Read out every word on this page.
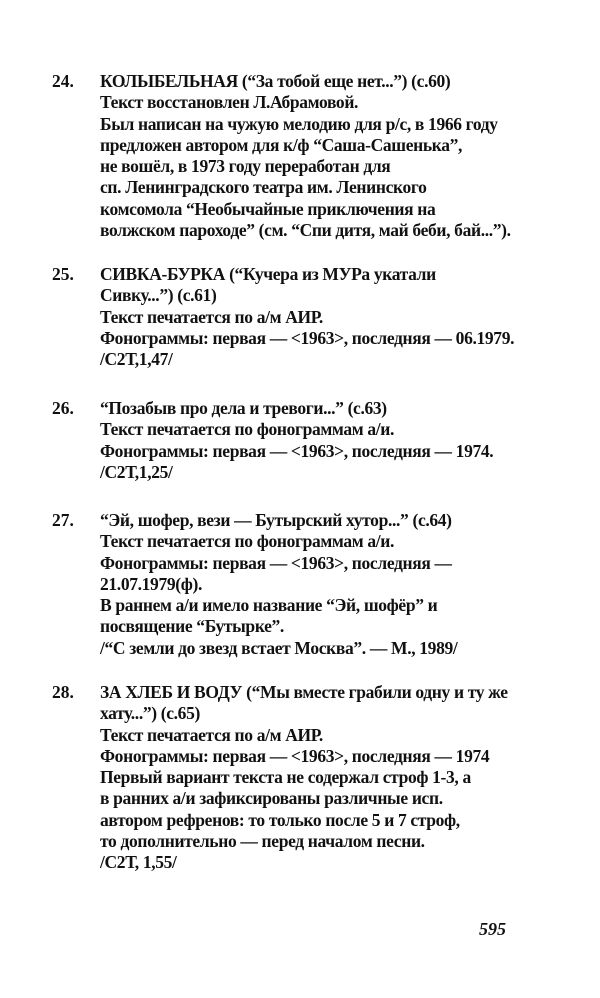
24. КОЛЫБЕЛЬНАЯ (“За тобой еще нет...”) (с.60)
Текст восстановлен Л.Абрамовой.
Был написан на чужую мелодию для р/с, в 1966 году
предложен автором для к/ф “Саша-Сашенька”,
не вошёл, в 1973 году переработан для
сп. Ленинградского театра им. Ленинского
комсомола “Необычайные приключения на
волжском пароходе” (см. “Спи дитя, май беби, бай...”).
25. СИВКА-БУРКА (“Кучера из МУРа укатали
Сивку...”) (с.61)
Текст печатается по а/м АИР.
Фонограммы: первая — <1963>, последняя — 06.1979.
/С2Т,1,47/
26. “Позабыв про дела и тревоги...” (с.63)
Текст печатается по фонограммам а/и.
Фонограммы: первая — <1963>, последняя — 1974.
/С2Т,1,25/
27. “Эй, шофер, вези — Бутырский хутор...” (с.64)
Текст печатается по фонограммам а/и.
Фонограммы: первая — <1963>, последняя —
21.07.1979(ф).
В раннем а/и имело название “Эй, шофёр” и
посвящение “Бутырке”.
/“С земли до звезд встает Москва”. — М., 1989/
28. ЗА ХЛЕБ И ВОДУ (“Мы вместе грабили одну и ту же
хату...”) (с.65)
Текст печатается по а/м АИР.
Фонограммы: первая — <1963>, последняя — 1974
Первый вариант текста не содержал строф 1-3, а
в ранних а/и зафиксированы различные исп.
автором рефренов: то только после 5 и 7 строф,
то дополнительно — перед началом песни.
/С2Т, 1,55/
595
